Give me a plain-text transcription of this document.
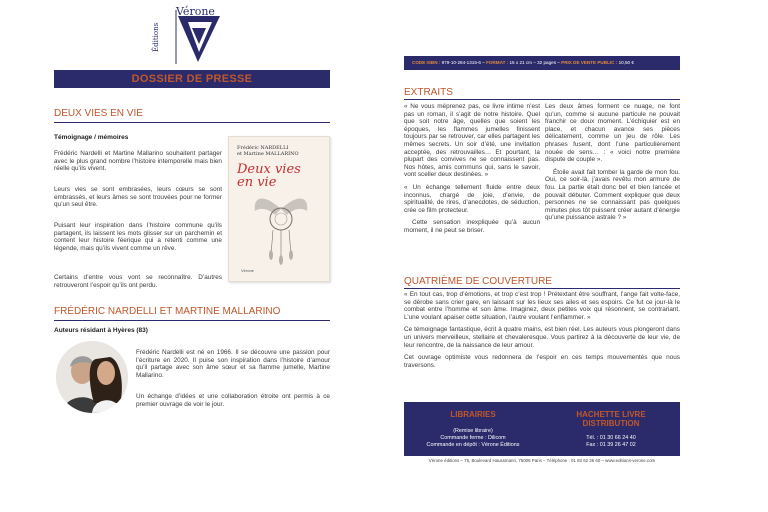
Vérone
Éditions
DOSSIER DE PRESSE
DEUX VIES EN VIE
Témoignage / mémoires
Frédéric Nardelli et Martine Mallarino souhaitent partager avec le plus grand nombre l’histoire intemporelle mais bien réelle qu’ils vivent.
Leurs vies se sont embrasées, leurs cœurs se sont embrassés, et leurs âmes se sont trouvées pour ne former qu’un seul être.
Puisant leur inspiration dans l’histoire commune qu’ils partagent, ils laissent les mots glisser sur un parchemin et content leur histoire féerique qui a retenti comme une légende, mais qu’ils vivent comme un rêve.
Certains d’entre vous vont se reconnaître. D’autres retrouveront l’espoir qu’ils ont perdu.
Frédéric NARDELLI
et Martine MALLARINO
Deux vies
en vie
Vérone
FRÉDÉRIC NARDELLI ET MARTINE MALLARINO
Auteurs résidant à Hyères (83)
Frédéric Nardelli est né en 1966. Il se découvre une passion pour l’écriture en 2020. Il puise son inspiration dans l’histoire d’amour qu’il partage avec son âme sœur et sa flamme jumelle, Martine Mallarino.
Un échange d’idées et une collaboration étroite ont permis à ce premier ouvrage de voir le jour.
CODE ISBN : 979-10-284-1315-6 – FORMAT : 15 x 21 cm – 32 pages – PRIX DE VENTE PUBLIC : 10,50 €
EXTRAITS

« Ne vous méprenez pas, ce livre intime n’est pas un roman, il s’agit de notre histoire. Quel que soit notre âge, quelles que soient les époques, les flammes jumelles finissent toujours par se retrouver, car elles partagent les mêmes secrets. Un soir d’été, une invitation acceptée, des retrouvailles… Et pourtant, la plupart des convives ne se connaissent pas. Nos hôtes, amis communs qui, sans le savoir, vont sceller deux destinées. »

« Un échange tellement fluide entre deux inconnus, chargé de joie, d’envie, de spiritualité, de rires, d’anecdotes, de séduction, crée ce film protecteur.

Cette sensation inexpliquée qu’à aucun moment, il ne peut se briser.

Les deux âmes forment ce nuage, ne font qu’un, comme si aucune particule ne pouvait franchir ce doux moment. L’échiquier est en place, et chacun avance ses pièces délicatement, comme un jeu de rôle. Les phrases fusent, dont l’une particulièrement nouée de sens… : « voici notre première dispute de couple ».

Étoile avait fait tomber la garde de mon fou. Oui, ce soir-là, j’avais revêtu mon armure de fou. La partie était donc bel et bien lancée et pouvait débuter. Comment expliquer que deux personnes ne se connaissant pas quelques minutes plus tôt puissent créer autant d’énergie qu’une puissance astrale ? »

QUATRIÈME DE COUVERTURE

« En tout cas, trop d’émotions, et trop c’est trop ! Prétextant être souffrant, l’ange fait volte-face, se dérobe sans crier gare, en laissant sur les lieux ses ailes et ses espoirs. Ce fut ce jour-là le combat entre l’homme et son âme. Imaginez, deux petites voix qui résonnent, se contrariant. L’une voulant apaiser cette situation, l’autre voulant l’enflammer. »

Ce témoignage fantastique, écrit à quatre mains, est bien réel. Les auteurs vous plongeront dans un univers merveilleux, stellaire et chevaleresque. Vous partirez à la découverte de leur vie, de leur rencontre, de la naissance de leur amour.

Cet ouvrage optimiste vous redonnera de l’espoir en ces temps mouvementés que nous traversons.

LIBRAIRIES
(Remise libraire)
Commande ferme : Dilicom
Commande en dépôt : Vérone Éditions
HACHETTE LIVRE
DISTRIBUTION
Tél. : 01 30 66 24 40
Fax : 01 39 26 47 02
Vérone éditions – 75, Boulevard Haussmann, 75008 Paris – Téléphone : 01 83 62 36 60 – www.editions-verone.com
